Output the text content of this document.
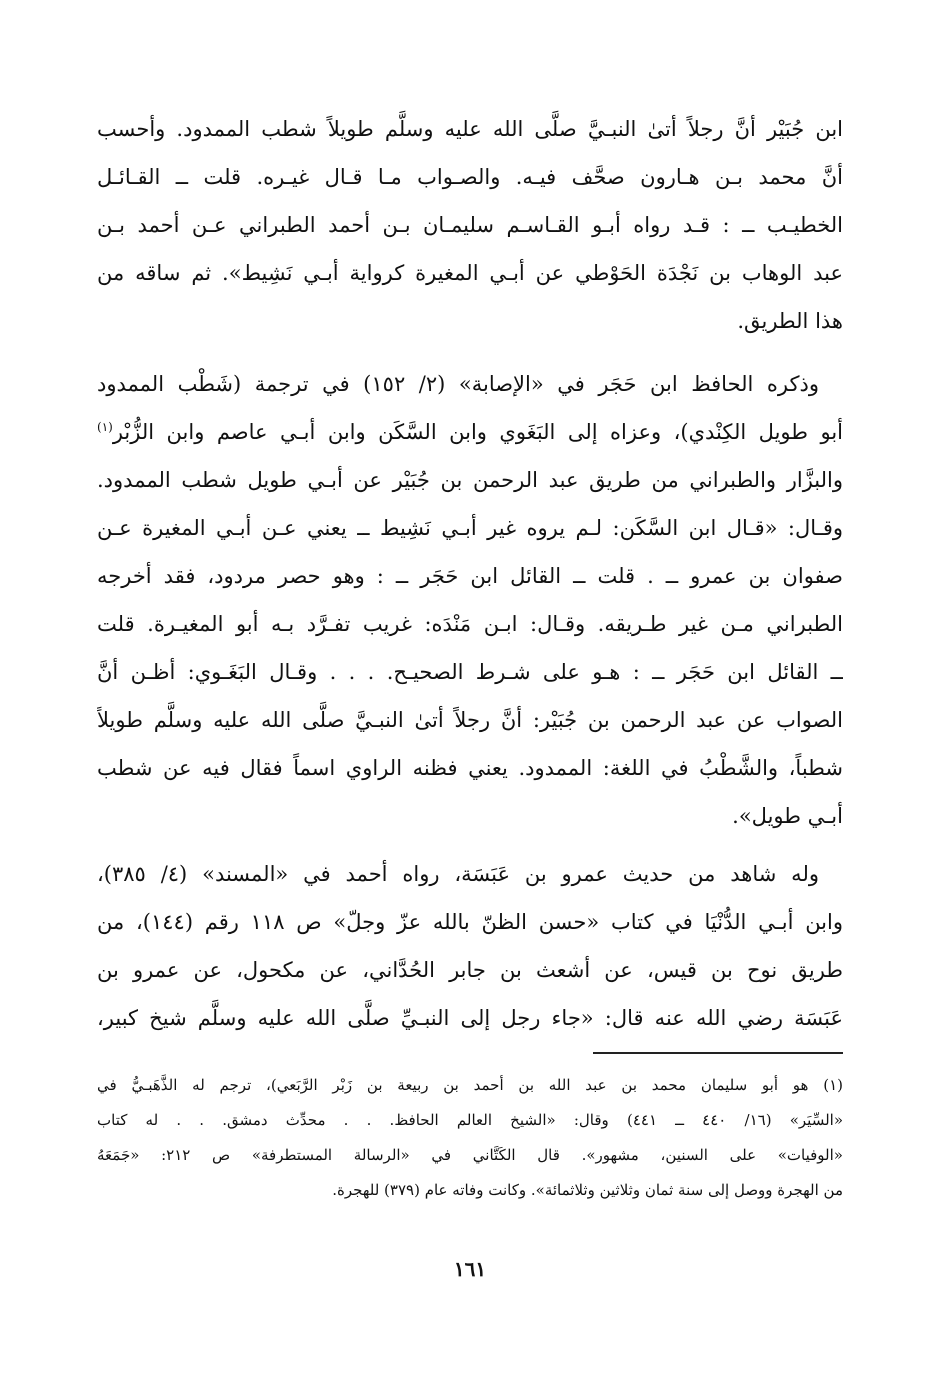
ابن جُبَيْر أنَّ رجلاً أتىٰ النبـيَّ صلَّى الله عليه وسلَّم طويلاً شطب الممدود. وأحسب
أنَّ محمد بـن هـارون صحَّف فيـه. والصـواب مـا قـال غيـره. قلت ــ القـائـل
الخطيـب ــ : قـد رواه أبـو القـاسـم سليمـان بـن أحمد الطبراني عـن أحمد بـن
عبد الوهاب بن نَجْدَة الحَوْطي عن أبـي المغيرة كرواية أبـي نَشِيط». ثم ساقه من
هذا الطريق.
وذكره الحافظ ابن حَجَر في «الإصابة» (٢/ ١٥٢) في ترجمة (شَطْب الممدود
أبو طويل الكِنْدي)، وعزاه إلى البَغَوي وابن السَّكَن وابن أبـي عاصم وابن الزُّبْر$^{(١)}$
والبزَّار والطبراني من طريق عبد الرحمن بن جُبَيْر عن أبـي طويل شطب الممدود.
وقـال: «قـال ابن السَّكَن: لـم يروه غير أبـي نَشِيط ــ يعني عـن أبـي المغيرة عـن
صفوان بن عمرو ــ . قلت ــ القائل ابن حَجَر ــ : وهو حصر مردود، فقد أخرجه
الطبراني مـن غير طـريقه. وقـال: ابـن مَنْدَه: غريب تفـرَّد بـه أبو المغيـرة. قلت
ــ القائل ابن حَجَر ــ : هـو على شـرط الصحيـح. . . . وقـال البَغَـوي: أظـن أنَّ
الصواب عن عبد الرحمن بن جُبَيْر: أنَّ رجلاً أتىٰ النبـيَّ صلَّى الله عليه وسلَّم طويلاً
شطباً، والشَّطْبُ في اللغة: الممدود. يعني فظنه الراوي اسماً فقال فيه عن شطب
أبـي طويل».
وله شاهد من حديث عمرو بن عَبَسَة، رواه أحمد في «المسند» (٤/ ٣٨٥)،
وابن أبـي الدُّنْيَا في كتاب «حسن الظنّ بالله عزّ وجلّ» ص ١١٨ رقم (١٤٤)، من
طريق نوح بن قيس، عن أشعث بن جابر الحُدَّاني، عن مكحول، عن عمرو بن
عَبَسَة رضي الله عنه قال: «جاء رجل إلى النبـيِّ صلَّى الله عليه وسلَّم شيخ كبير،
(١) هو أبو سليمان محمد بن عبد الله بن أحمد بن ربيعة بن زَبْر الرَّبَعي)، ترجم له الذَّهَبـيُّ في
«السِّيَر» (١٦/ ٤٤٠ ــ ٤٤١) وقال: «الشيخ العالم الحافظ. . . محدِّث دمشق. . . له كتاب
«الوفيات» على السنين، مشهور». قال الكَتَّاني في «الرسالة المستطرفة» ص ٢١٢: «جَمَعَهُ
من الهجرة ووصل إلى سنة ثمان وثلاثين وثلاثمائة». وكانت وفاته عام (٣٧٩) للهجرة.
١٦١
